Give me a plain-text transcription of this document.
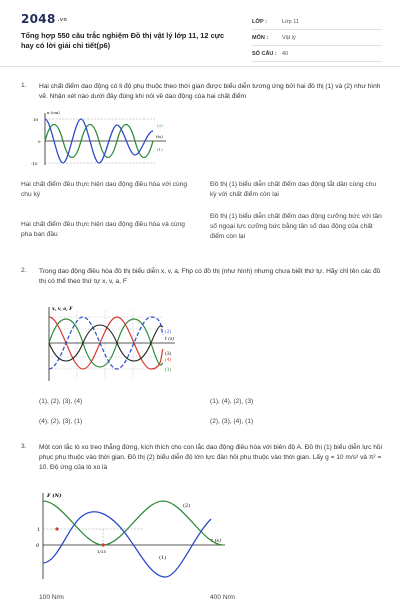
2048 .vn
Tổng hợp 550 câu trắc nghiệm Đồ thị vật lý lớp 11, 12 cực hay có lời giải chi tiết(p6)
LỚP :	Lớp 11
MÔN :	Vật lý
SỐ CÂU : 40
1. Hai chất điểm dao động có li độ phụ thuộc theo thời gian được biểu diễn tương ứng bởi hai đồ thị (1) và (2) như hình vẽ. Nhận xét nào dưới đây đúng khi nói về dao động của hai chất điểm
x (cm)
t(s)
10
0
-10
(2)
(1)
Hai chất điểm đều thực hiện dao động điều hòa với cùng chu kỳ
Đồ thị (1) biểu diễn chất điểm dao động tắt dần cùng chu kỳ với chất điểm còn lại
Hai chất điểm đều thực hiện dao động điều hòa và cùng pha ban đầu
Đồ thị (1) biểu diễn chất điểm dao động cưỡng bức với tần số ngoại lực cưỡng bức bằng tần số dao động của chất điểm còn lại
2. Trong dao động điều hòa đồ thị biểu diễn x, v, a, Fhp có đồ thị (như hình) nhưng chưa biết thứ tự. Hãy chỉ tên các đồ thị có thể theo thứ tự x, v, a, F
x, v, a, F
t (s)
(2)
(3)
(4)
(1)
(1), (2), (3), (4)	(1), (4), (2), (3)
(4), (2), (3), (1)	(2), (3), (4), (1)
3. Một con lắc lò xo treo thẳng đứng, kích thích cho con lắc dao động điều hòa với biên độ A. Đồ thị (1) biểu diễn lực hồi phục phụ thuộc vào thời gian. Đồ thị (2) biểu diễn độ lớn lực đàn hồi phụ thuộc vào thời gian. Lấy g = 10 m/s² và π² = 10. Độ ứng của lò xo là
F (N)
t (s)
1
0
1/15
(2)
(1)
100 N/m	400 N/m
